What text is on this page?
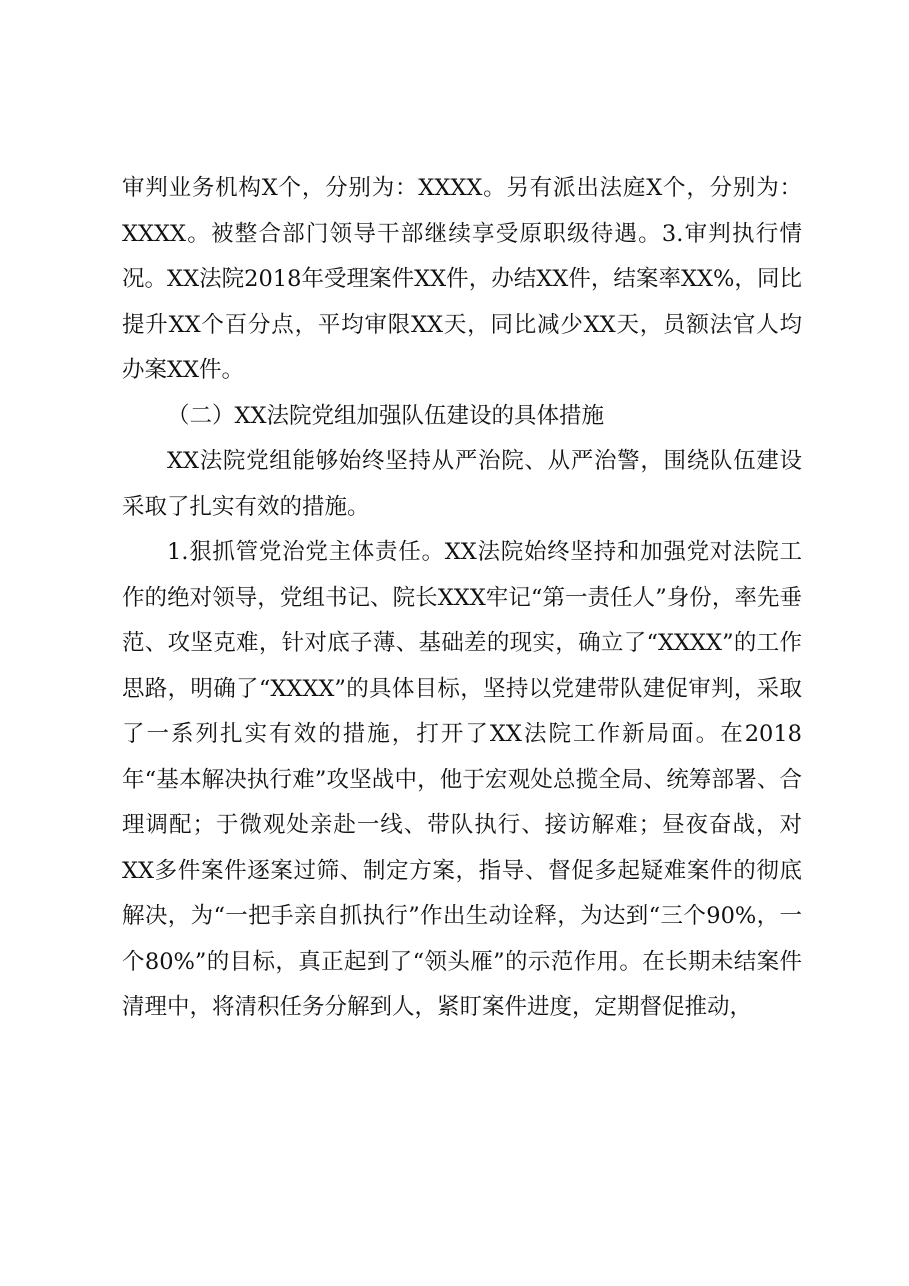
审判业务机构X个，分别为：XXXX。另有派出法庭X个，分别为：XXXX。被整合部门领导干部继续享受原职级待遇。3.审判执行情况。XX法院2018年受理案件XX件，办结XX件，结案率XX%，同比提升XX个百分点，平均审限XX天，同比减少XX天，员额法官人均办案XX件。

（二）XX法院党组加强队伍建设的具体措施

XX法院党组能够始终坚持从严治院、从严治警，围绕队伍建设采取了扎实有效的措施。

1.狠抓管党治党主体责任。XX法院始终坚持和加强党对法院工作的绝对领导，党组书记、院长XXX牢记“第一责任人”身份，率先垂范、攻坚克难，针对底子薄、基础差的现实，确立了“XXXX”的工作思路，明确了“XXXX”的具体目标，坚持以党建带队建促审判，采取了一系列扎实有效的措施，打开了XX法院工作新局面。在2018年“基本解决执行难”攻坚战中，他于宏观处总揽全局、统筹部署、合理调配；于微观处亲赴一线、带队执行、接访解难；昼夜奋战，对XX多件案件逐案过筛、制定方案，指导、督促多起疑难案件的彻底解决，为“一把手亲自抓执行”作出生动诠释，为达到“三个90%，一个80%”的目标，真正起到了“领头雁”的示范作用。在长期未结案件清理中，将清积任务分解到人，紧盯案件进度，定期督促推动，
